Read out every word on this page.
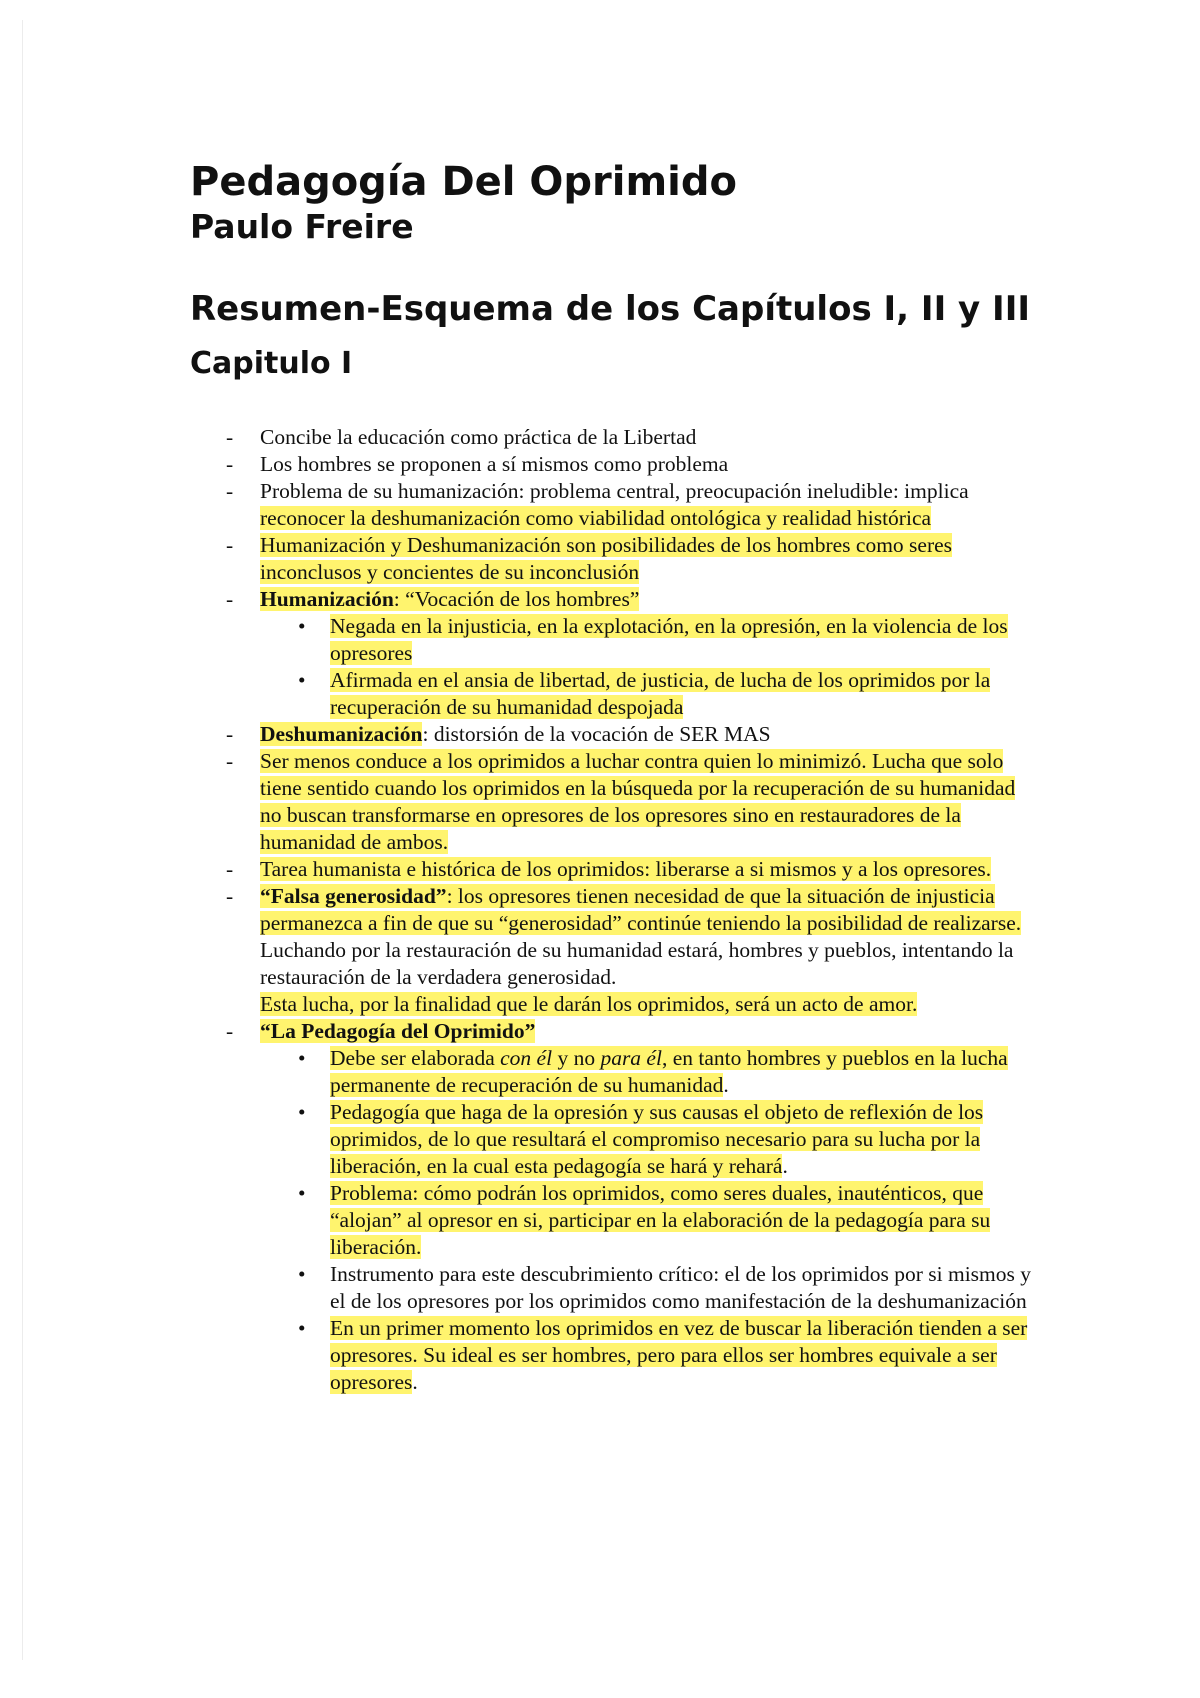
Pedagogía Del Oprimido
Paulo Freire
Resumen-Esquema de los Capítulos I, II y III
Capitulo I
- Concibe la educación como práctica de la Libertad
- Los hombres se proponen a sí mismos como problema
- Problema de su humanización: problema central, preocupación ineludible: implica reconocer la deshumanización como viabilidad ontológica y realidad histórica
- Humanización y Deshumanización son posibilidades de los hombres como seres inconclusos y concientes de su inconclusión
- Humanización: “Vocación de los hombres”
• Negada en la injusticia, en la explotación, en la opresión, en la violencia de los opresores
• Afirmada en el ansia de libertad, de justicia, de lucha de los oprimidos por la recuperación de su humanidad despojada
- Deshumanización: distorsión de la vocación de SER MAS
- Ser menos conduce a los oprimidos a luchar contra quien lo minimizó. Lucha que solo tiene sentido cuando los oprimidos en la búsqueda por la recuperación de su humanidad no buscan transformarse en opresores de los opresores sino en restauradores de la humanidad de ambos.
- Tarea humanista e histórica de los oprimidos: liberarse a si mismos y a los opresores.
- “Falsa generosidad”: los opresores tienen necesidad de que la situación de injusticia permanezca a fin de que su “generosidad” continúe teniendo la posibilidad de realizarse.
Luchando por la restauración de su humanidad estará, hombres y pueblos, intentando la restauración de la verdadera generosidad.
Esta lucha, por la finalidad que le darán los oprimidos, será un acto de amor.
- “La Pedagogía del Oprimido”
• Debe ser elaborada con él y no para él, en tanto hombres y pueblos en la lucha permanente de recuperación de su humanidad.
• Pedagogía que haga de la opresión y sus causas el objeto de reflexión de los oprimidos, de lo que resultará el compromiso necesario para su lucha por la liberación, en la cual esta pedagogía se hará y rehará.
• Problema: cómo podrán los oprimidos, como seres duales, inauténticos, que “alojan” al opresor en si, participar en la elaboración de la pedagogía para su liberación.
• Instrumento para este descubrimiento crítico: el de los oprimidos por si mismos y el de los opresores por los oprimidos como manifestación de la deshumanización
• En un primer momento los oprimidos en vez de buscar la liberación tienden a ser opresores. Su ideal es ser hombres, pero para ellos ser hombres equivale a ser opresores.
